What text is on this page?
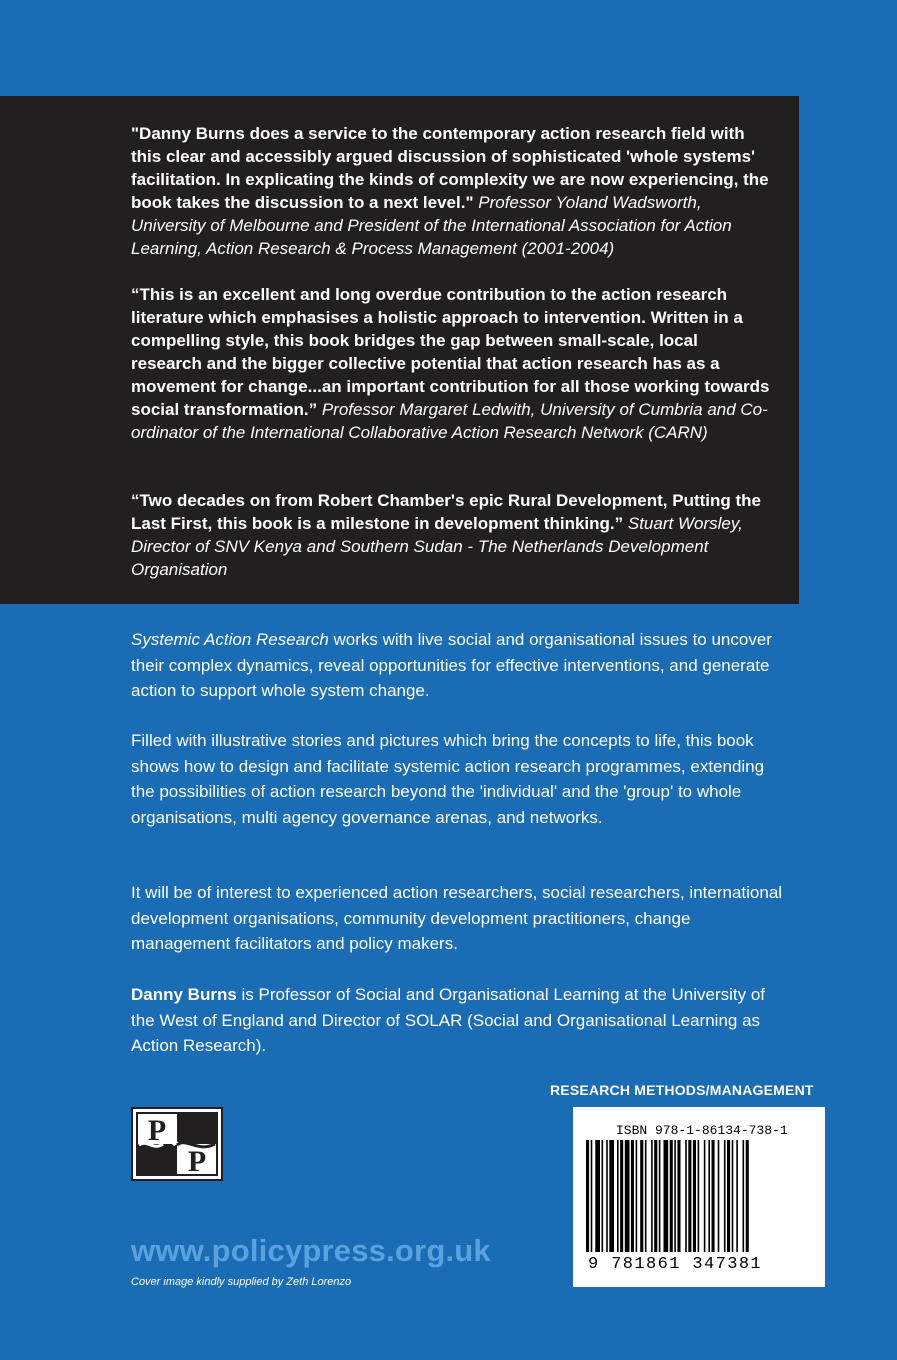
"Danny Burns does a service to the contemporary action research field with this clear and accessibly argued discussion of sophisticated 'whole systems' facilitation. In explicating the kinds of complexity we are now experiencing, the book takes the discussion to a next level." Professor Yoland Wadsworth, University of Melbourne and President of the International Association for Action Learning, Action Research & Process Management (2001-2004)
“This is an excellent and long overdue contribution to the action research literature which emphasises a holistic approach to intervention. Written in a compelling style, this book bridges the gap between small-scale, local research and the bigger collective potential that action research has as a movement for change...an important contribution for all those working towards social transformation.” Professor Margaret Ledwith, University of Cumbria and Co-ordinator of the International Collaborative Action Research Network (CARN)
“Two decades on from Robert Chamber's epic Rural Development, Putting the Last First, this book is a milestone in development thinking.” Stuart Worsley, Director of SNV Kenya and Southern Sudan - The Netherlands Development Organisation
Systemic Action Research works with live social and organisational issues to uncover their complex dynamics, reveal opportunities for effective interventions, and generate action to support whole system change.
Filled with illustrative stories and pictures which bring the concepts to life, this book shows how to design and facilitate systemic action research programmes, extending the possibilities of action research beyond the 'individual' and the 'group' to whole organisations, multi agency governance arenas, and networks.
It will be of interest to experienced action researchers, social researchers, international development organisations, community development practitioners, change management facilitators and policy makers.
Danny Burns is Professor of Social and Organisational Learning at the University of the West of England and Director of SOLAR (Social and Organisational Learning as Action Research).
RESEARCH METHODS/MANAGEMENT
ISBN 978-1-86134-738-1
9 781861 347381
P
P
www.policypress.org.uk
Cover image kindly supplied by Zeth Lorenzo
